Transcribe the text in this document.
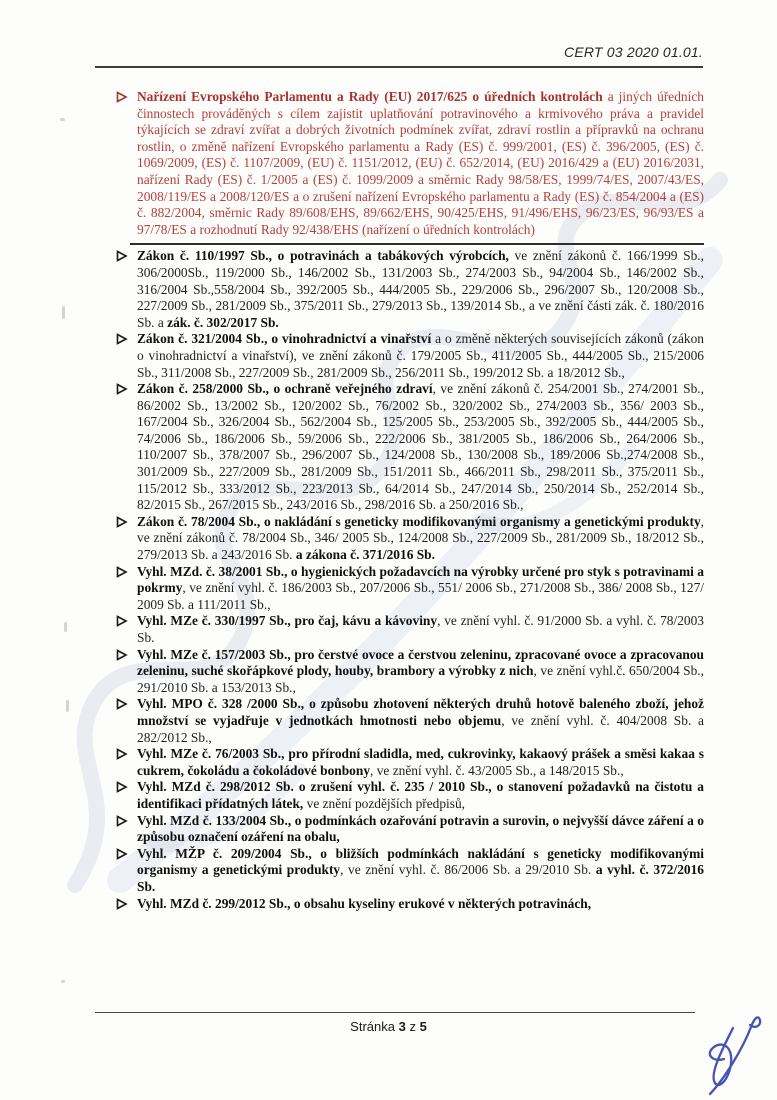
CERT 03 2020 01.01.
Nařízení Evropského Parlamentu a Rady (EU) 2017/625 o úředních kontrolách a jiných úředních činnostech prováděných s cílem zajistit uplatňování potravinového a krmivového práva a pravidel týkajících se zdraví zvířat a dobrých životních podmínek zvířat, zdraví rostlin a přípravků na ochranu rostlin, o změně nařízení Evropského parlamentu a Rady (ES) č. 999/2001, (ES) č. 396/2005, (ES) č. 1069/2009, (ES) č. 1107/2009, (EU) č. 1151/2012, (EU) č. 652/2014, (EU) 2016/429 a (EU) 2016/2031, nařízení Rady (ES) č. 1/2005 a (ES) č. 1099/2009 a směrnic Rady 98/58/ES, 1999/74/ES, 2007/43/ES, 2008/119/ES a 2008/120/ES a o zrušení nařízení Evropského parlamentu a Rady (ES) č. 854/2004 a (ES) č. 882/2004, směrnic Rady 89/608/EHS, 89/662/EHS, 90/425/EHS, 91/496/EHS, 96/23/ES, 96/93/ES a 97/78/ES a rozhodnutí Rady 92/438/EHS (nařízení o úředních kontrolách)
Zákon č. 110/1997 Sb., o potravinách a tabákových výrobcích, ve znění zákonů č. 166/1999 Sb., 306/2000Sb., 119/2000 Sb., 146/2002 Sb., 131/2003 Sb., 274/2003 Sb., 94/2004 Sb., 146/2002 Sb., 316/2004 Sb.,558/2004 Sb., 392/2005 Sb., 444/2005 Sb., 229/2006 Sb., 296/2007 Sb., 120/2008 Sb., 227/2009 Sb., 281/2009 Sb., 375/2011 Sb., 279/2013 Sb., 139/2014 Sb., a ve znění části zák. č. 180/2016 Sb. a zák. č. 302/2017 Sb.
Zákon č. 321/2004 Sb., o vinohradnictví a vinařství a o změně některých souvisejících zákonů (zákon o vinohradnictví a vinařství), ve znění zákonů č. 179/2005 Sb., 411/2005 Sb., 444/2005 Sb., 215/2006 Sb., 311/2008 Sb., 227/2009 Sb., 281/2009 Sb., 256/2011 Sb., 199/2012 Sb. a 18/2012 Sb.,
Zákon č. 258/2000 Sb., o ochraně veřejného zdraví, ve znění zákonů č. 254/2001 Sb., 274/2001 Sb., 86/2002 Sb., 13/2002 Sb., 120/2002 Sb., 76/2002 Sb., 320/2002 Sb., 274/2003 Sb., 356/ 2003 Sb., 167/2004 Sb., 326/2004 Sb., 562/2004 Sb., 125/2005 Sb., 253/2005 Sb., 392/2005 Sb., 444/2005 Sb., 74/2006 Sb., 186/2006 Sb., 59/2006 Sb., 222/2006 Sb., 381/2005 Sb., 186/2006 Sb., 264/2006 Sb., 110/2007 Sb., 378/2007 Sb., 296/2007 Sb., 124/2008 Sb., 130/2008 Sb., 189/2006 Sb.,274/2008 Sb., 301/2009 Sb., 227/2009 Sb., 281/2009 Sb., 151/2011 Sb., 466/2011 Sb., 298/2011 Sb., 375/2011 Sb., 115/2012 Sb., 333/2012 Sb., 223/2013 Sb., 64/2014 Sb., 247/2014 Sb., 250/2014 Sb., 252/2014 Sb., 82/2015 Sb., 267/2015 Sb., 243/2016 Sb., 298/2016 Sb. a 250/2016 Sb.,
Zákon č. 78/2004 Sb., o nakládání s geneticky modifikovanými organismy a genetickými produkty, ve znění zákonů č. 78/2004 Sb., 346/ 2005 Sb., 124/2008 Sb., 227/2009 Sb., 281/2009 Sb., 18/2012 Sb., 279/2013 Sb. a 243/2016 Sb. a zákona č. 371/2016 Sb.
Vyhl. MZd. č. 38/2001 Sb., o hygienických požadavcích na výrobky určené pro styk s potravinami a pokrmy, ve znění vyhl. č. 186/2003 Sb., 207/2006 Sb., 551/ 2006 Sb., 271/2008 Sb., 386/ 2008 Sb., 127/ 2009 Sb. a 111/2011 Sb.,
Vyhl. MZe č. 330/1997 Sb., pro čaj, kávu a kávoviny, ve znění vyhl. č. 91/2000 Sb. a vyhl. č. 78/2003 Sb.
Vyhl. MZe č. 157/2003 Sb., pro čerstvé ovoce a čerstvou zeleninu, zpracované ovoce a zpracovanou zeleninu, suché skořápkové plody, houby, brambory a výrobky z nich, ve znění vyhl.č. 650/2004 Sb., 291/2010 Sb. a 153/2013 Sb.,
Vyhl. MPO č. 328 /2000 Sb., o způsobu zhotovení některých druhů hotově baleného zboží, jehož množství se vyjadřuje v jednotkách hmotnosti nebo objemu, ve znění vyhl. č. 404/2008 Sb. a 282/2012 Sb.,
Vyhl. MZe č. 76/2003 Sb., pro přírodní sladidla, med, cukrovinky, kakaový prášek a směsi kakaa s cukrem, čokoládu a čokoládové bonbony, ve znění vyhl. č. 43/2005 Sb., a 148/2015 Sb.,
Vyhl. MZd č. 298/2012 Sb. o zrušení vyhl. č. 235 / 2010 Sb., o stanovení požadavků na čistotu a identifikaci přídatných látek, ve znění pozdějších předpisů,
Vyhl. MZd č. 133/2004 Sb., o podmínkách ozařování potravin a surovin, o nejvyšší dávce záření a o způsobu označení ozáření na obalu,
Vyhl. MŽP č. 209/2004 Sb., o bližších podmínkách nakládání s geneticky modifikovanými organismy a genetickými produkty, ve znění vyhl. č. 86/2006 Sb. a 29/2010 Sb. a vyhl. č. 372/2016 Sb.
Vyhl. MZd č. 299/2012 Sb., o obsahu kyseliny erukové v některých potravinách,
Stránka 3 z 5
